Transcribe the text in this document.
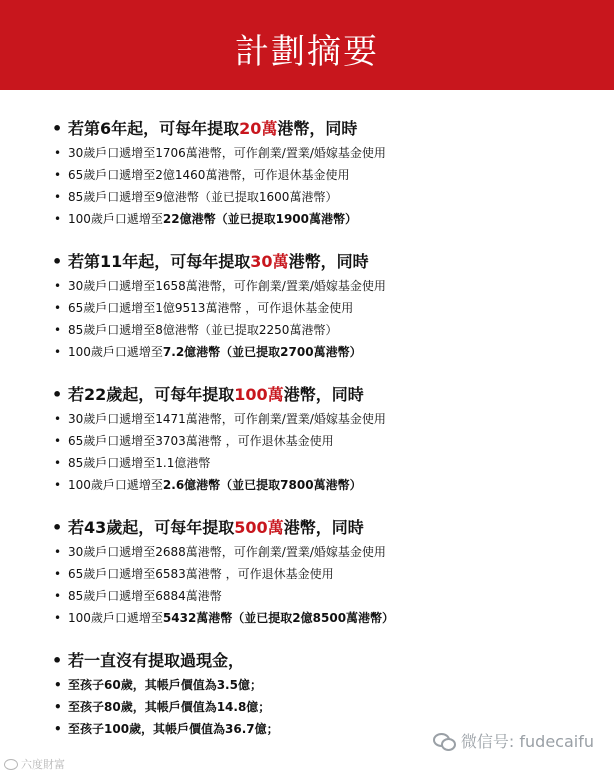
計劃摘要
• 若第6年起，可每年提取20萬港幣，同時
• 30歲戶口遞增至1706萬港幣，可作創業/置業/婚嫁基金使用
• 65歲戶口遞增至2億1460萬港幣，可作退休基金使用
• 85歲戶口遞增至9億港幣（並已提取1600萬港幣）
• 100歲戶口遞增至22億港幣（並已提取1900萬港幣）
• 若第11年起，可每年提取30萬港幣，同時
• 30歲戶口遞增至1658萬港幣，可作創業/置業/婚嫁基金使用
• 65歲戶口遞增至1億9513萬港幣 ，可作退休基金使用
• 85歲戶口遞增至8億港幣（並已提取2250萬港幣）
• 100歲戶口遞增至7.2億港幣（並已提取2700萬港幣）
• 若22歲起，可每年提取100萬港幣，同時
• 30歲戶口遞增至1471萬港幣，可作創業/置業/婚嫁基金使用
• 65歲戶口遞增至3703萬港幣 ，可作退休基金使用
• 85歲戶口遞增至1.1億港幣
• 100歲戶口遞增至2.6億港幣（並已提取7800萬港幣）
• 若43歲起，可每年提取500萬港幣，同時
• 30歲戶口遞增至2688萬港幣，可作創業/置業/婚嫁基金使用
• 65歲戶口遞增至6583萬港幣 ，可作退休基金使用
• 85歲戶口遞增至6884萬港幣
• 100歲戶口遞增至5432萬港幣（並已提取2億8500萬港幣）
• 若一直沒有提取過現金，
• 至孩子60歲，其帳戶價值為3.5億；
• 至孩子80歲，其帳戶價值為14.8億；
• 至孩子100歲，其帳戶價值為36.7億；
微信号: fudecaifu
六度財富
